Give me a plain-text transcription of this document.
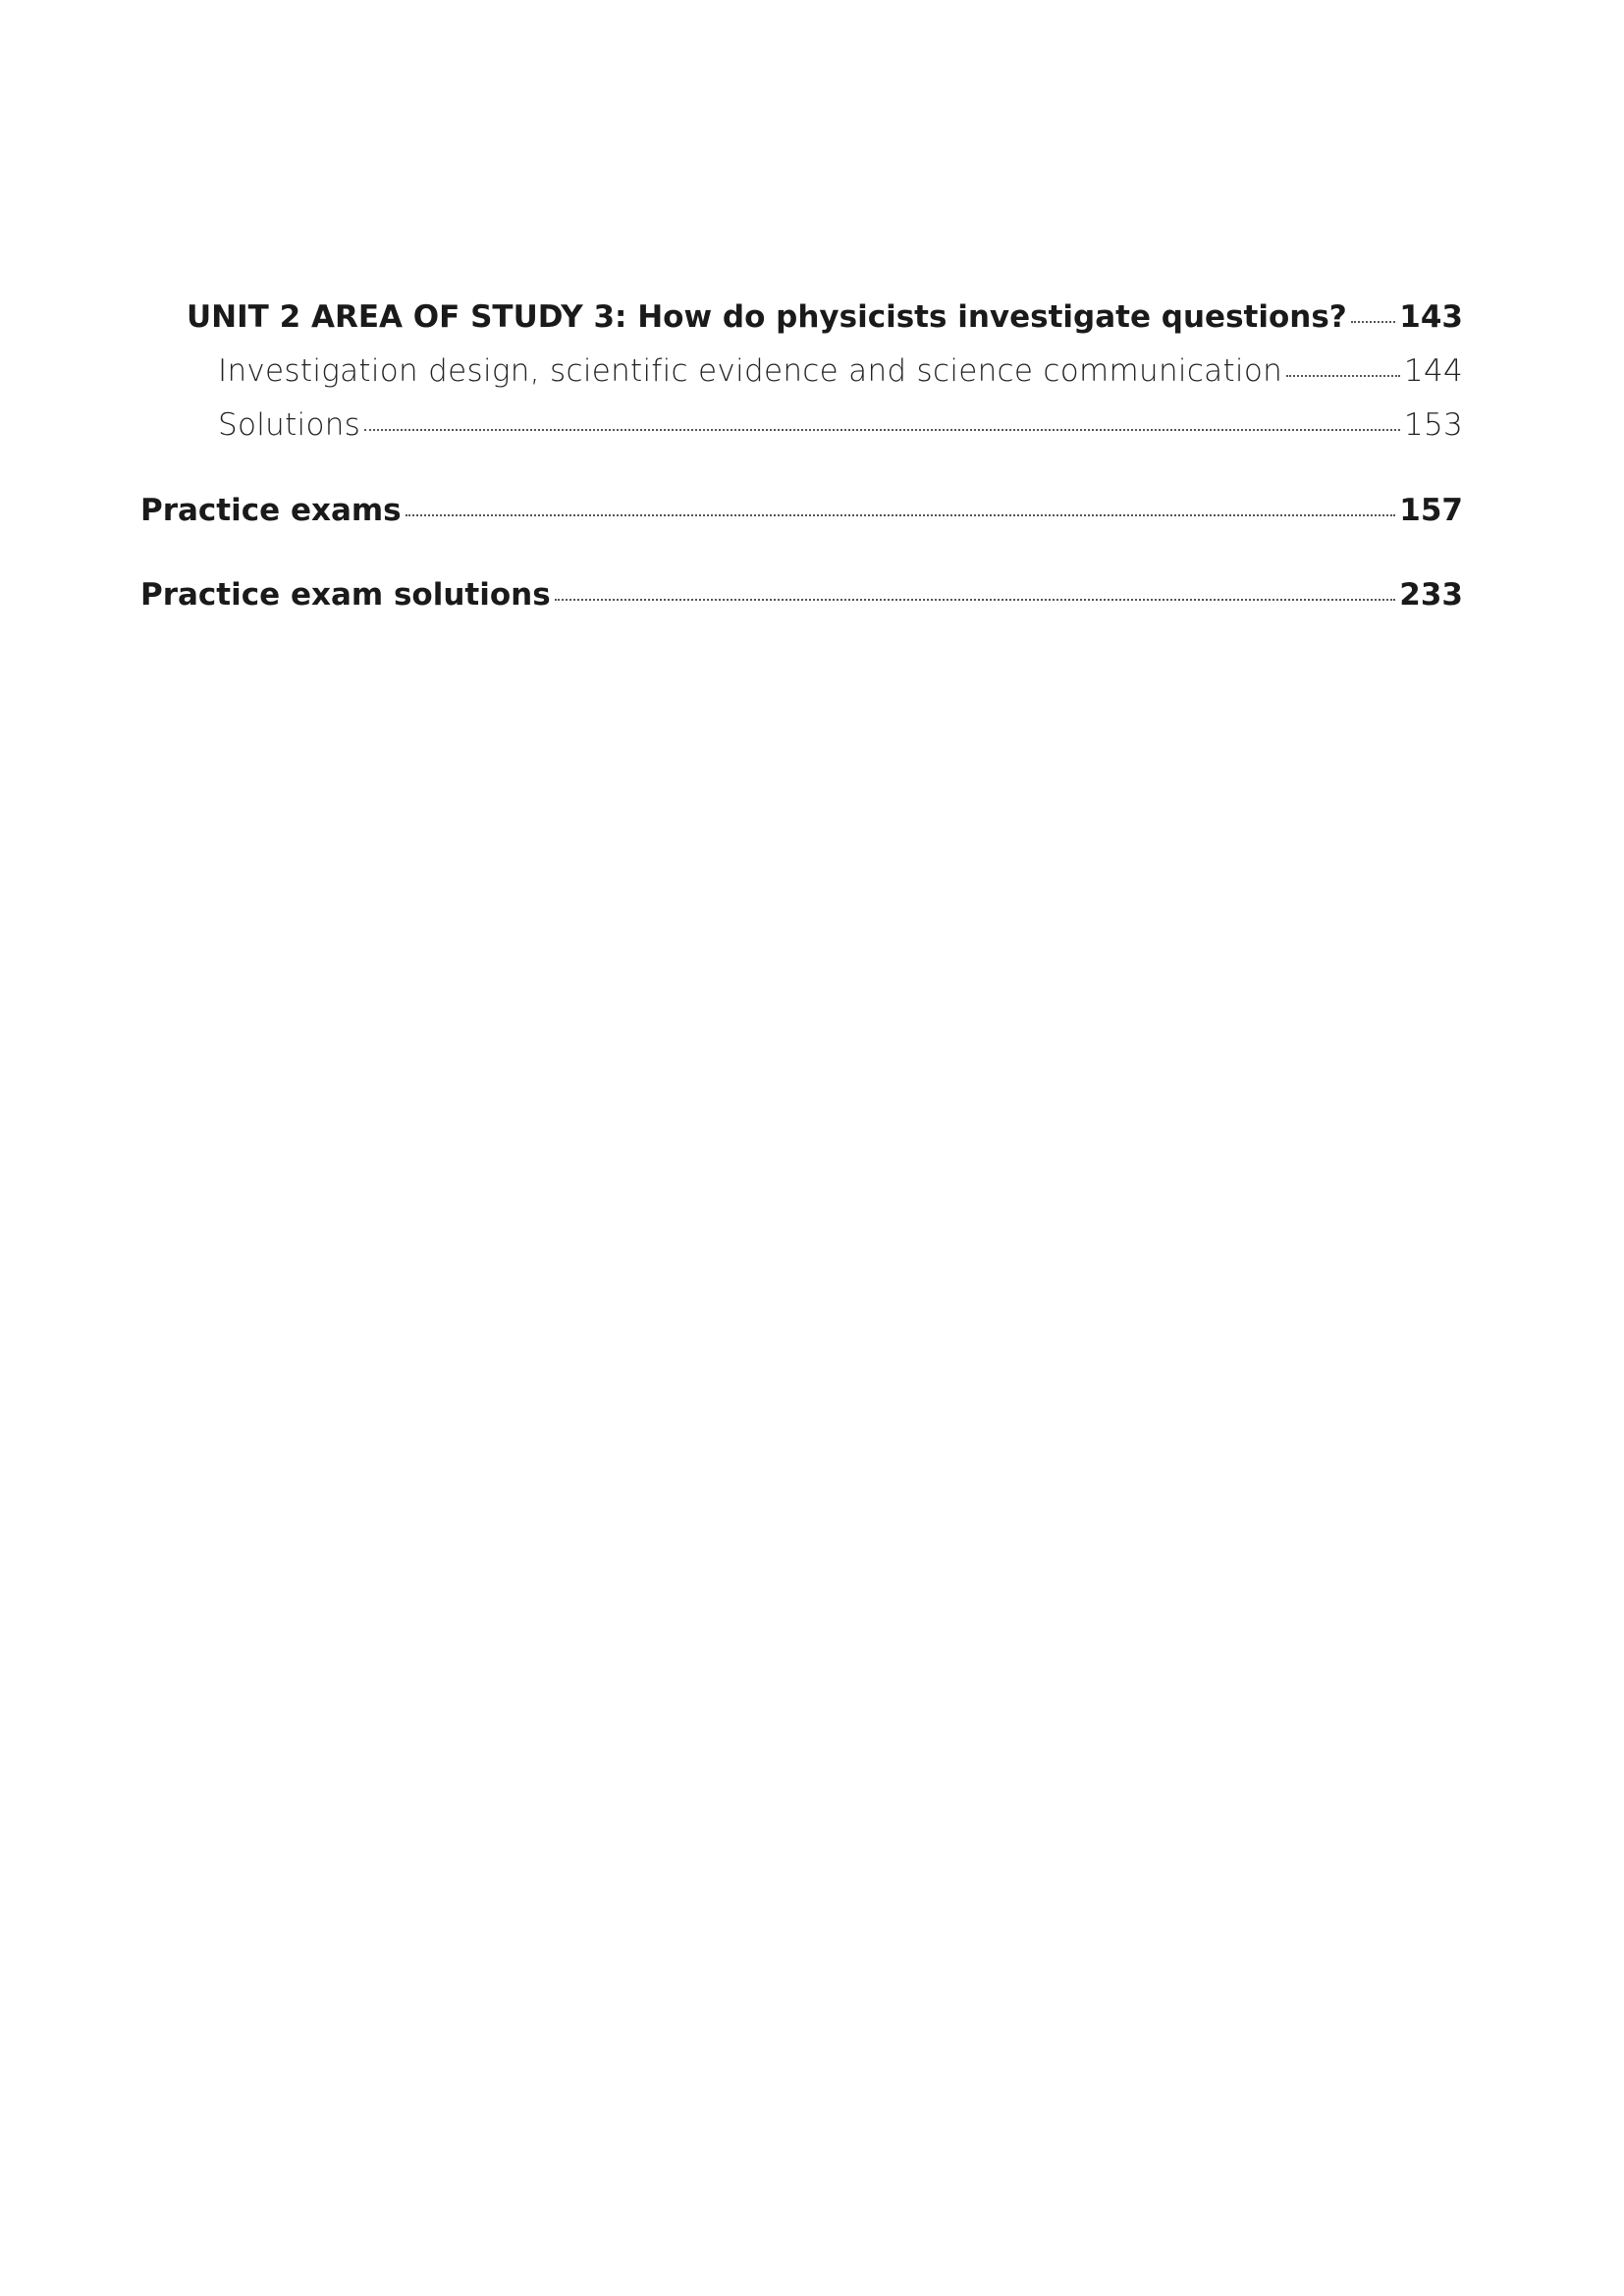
UNIT 2 AREA OF STUDY 3: How do physicists investigate questions? 143
Investigation design, scientific evidence and science communication	144
Solutions	153
Practice exams	157
Practice exam solutions	233
